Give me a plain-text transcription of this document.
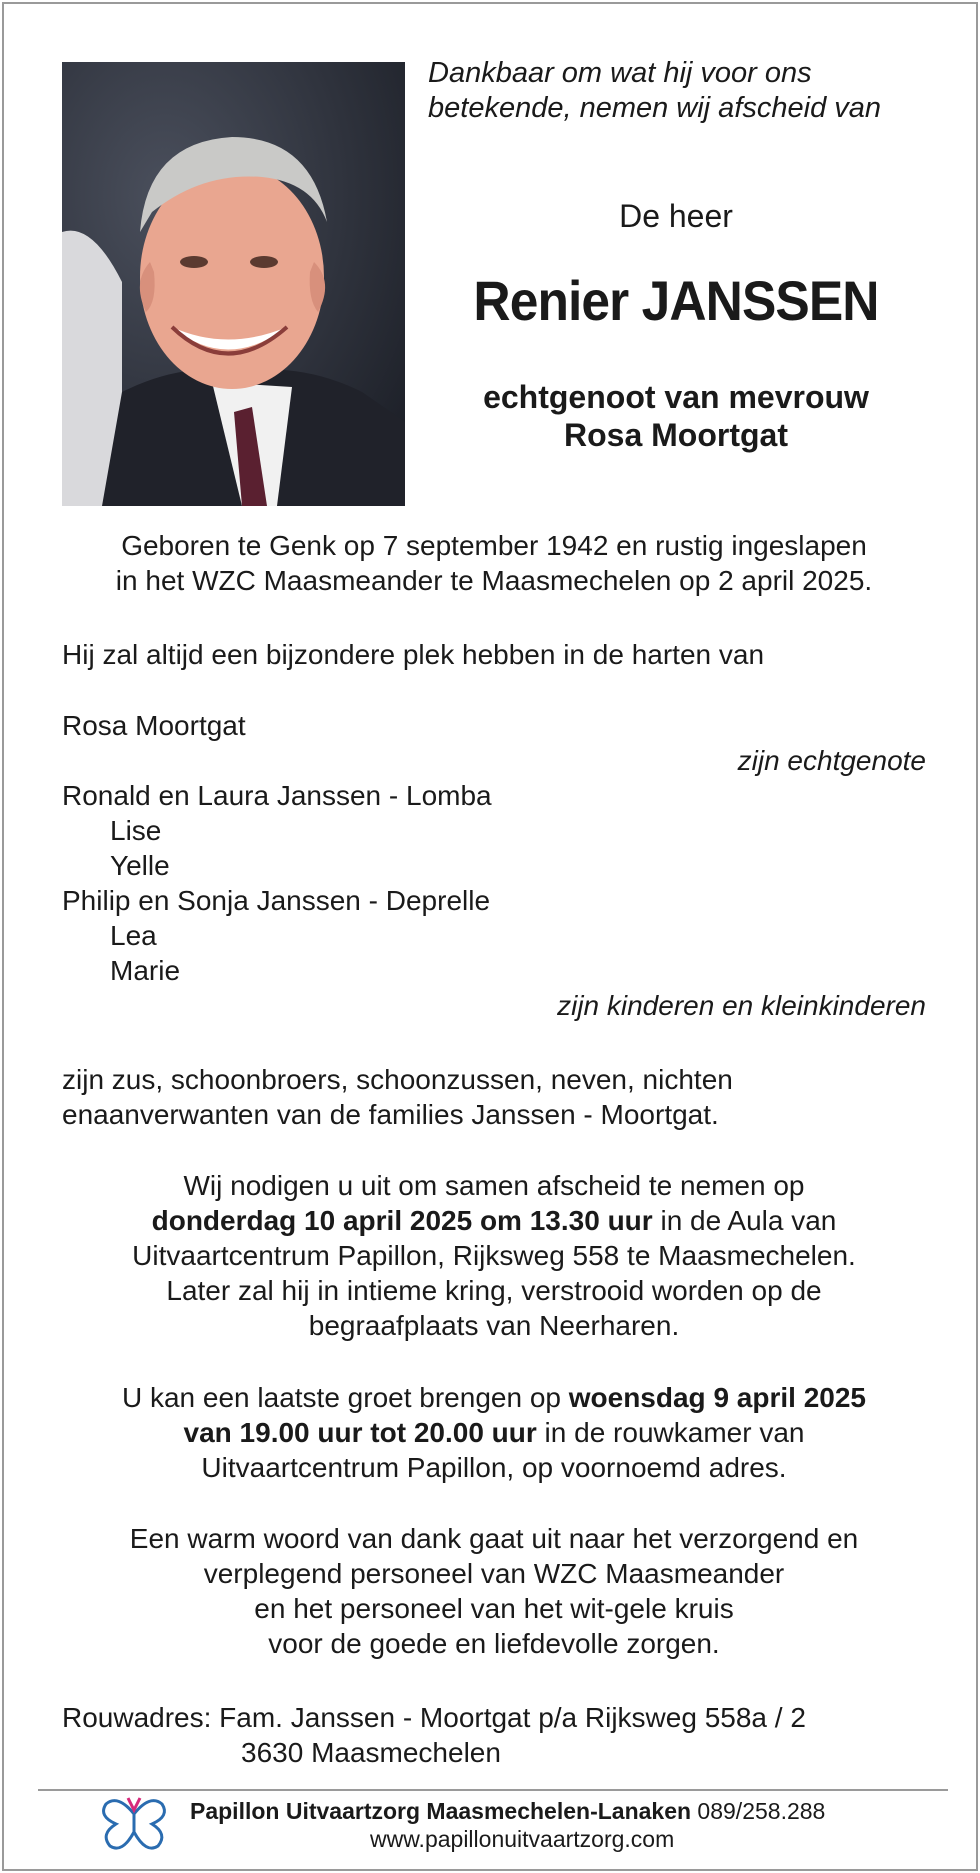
Dankbaar om wat hij voor ons
betekende, nemen wij afscheid van
De heer
Renier JANSSEN
echtgenoot van mevrouw
Rosa Moortgat
Geboren te Genk op 7 september 1942 en rustig ingeslapen
in het WZC Maasmeander te Maasmechelen op 2 april 2025.
Hij zal altijd een bijzondere plek hebben in de harten van
Rosa Moortgat
zijn echtgenote
Ronald en Laura Janssen - Lomba
Lise
Yelle
Philip en Sonja Janssen - Deprelle
Lea
Marie
zijn kinderen en kleinkinderen
zijn zus, schoonbroers, schoonzussen, neven, nichten
enaanverwanten van de families Janssen - Moortgat.
Wij nodigen u uit om samen afscheid te nemen op
donderdag 10 april 2025 om 13.30 uur in de Aula van
Uitvaartcentrum Papillon, Rijksweg 558 te Maasmechelen.
Later zal hij in intieme kring, verstrooid worden op de
begraafplaats van Neerharen.
U kan een laatste groet brengen op woensdag 9 april 2025
van 19.00 uur tot 20.00 uur in de rouwkamer van
Uitvaartcentrum Papillon, op voornoemd adres.
Een warm woord van dank gaat uit naar het verzorgend en
verplegend personeel van WZC Maasmeander
en het personeel van het wit-gele kruis
voor de goede en liefdevolle zorgen.
Rouwadres: Fam. Janssen - Moortgat p/a Rijksweg 558a / 2
3630 Maasmechelen
Papillon Uitvaartzorg Maasmechelen-Lanaken 089/258.288
www.papillonuitvaartzorg.com
